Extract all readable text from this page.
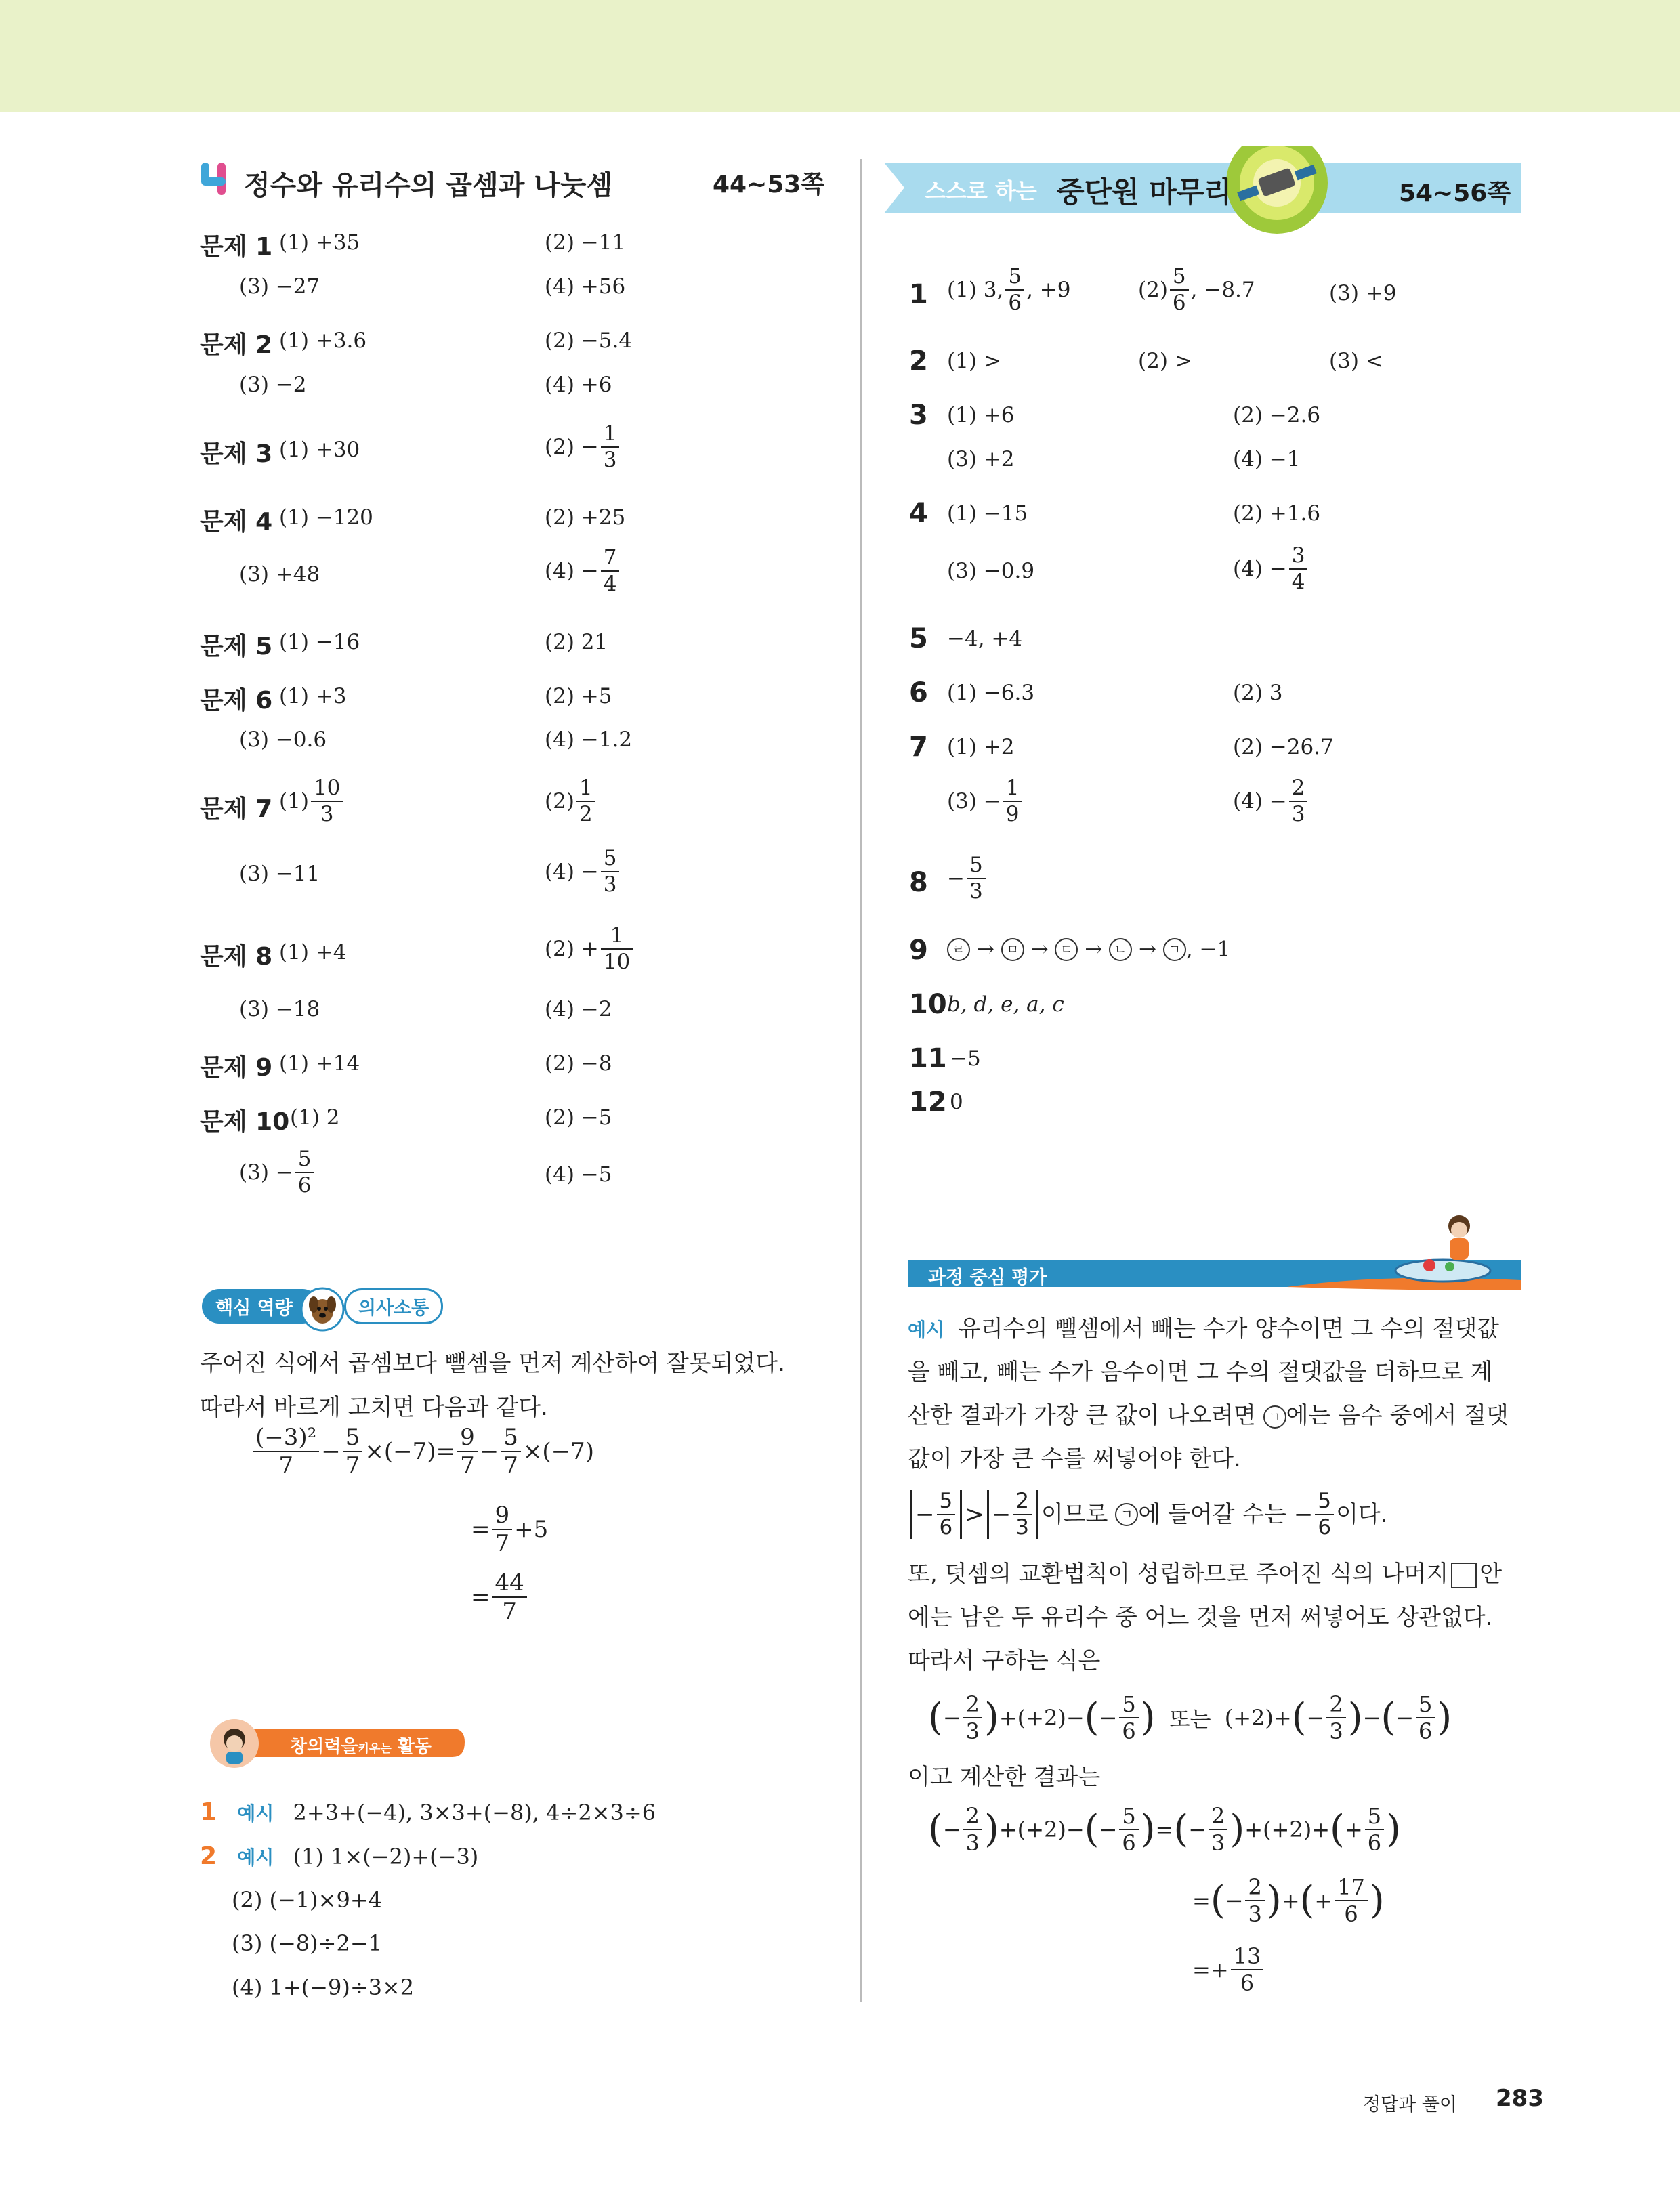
정수와 유리수의 곱셈과 나눗셈	44~53쪽
문제 1 (1) +35	(2) −11
(3) −27	(4) +56
문제 2 (1) +3.6	(2) −5.4
(3) −2	(4) +6
문제 3 (1) +30	$(2) - \frac{1}{3}$
문제 4 (1) −120	(2) +25
(3) +48	$(4) - \frac{7}{4}$
문제 5 (1) −16	(2) 21
문제 6 (1) +3	(2) +5
(3) −0.6	(4) −1.2
문제 7 $(1) \frac{10}{3}$	$(2) \frac{1}{2}$
(3) −11	$(4) - \frac{5}{3}$
문제 8 (1) +4	$(2) + \frac{1}{10}$
(3) −18	(4) −2
문제 9 (1) +14	(2) −8
문제 10 (1) 2	(2) −5
$(3) - \frac{5}{6}$	(4) −5
핵심 역량	의사소통
주어진 식에서 곱셈보다 뺄셈을 먼저 계산하여 잘못되었다.
따라서 바르게 고치면 다음과 같다.
$\frac{\text{(−3)²}}{7} - \frac{5}{7} \times(-7)= \frac{9}{7} - \frac{5}{7} \times(-7)$
= $\frac{9}{7} +5$
= $\frac{44}{7}$
창의력을키우는 활동
1 예시 2+3+(−4), 3×3+(−8), 4÷2×3÷6
2 예시 (1) 1×(−2)+(−3)
(2) (−1)×9+4
(3) (−8)÷2−1
(4) 1+(−9)÷3×2
스스로 하는 중단원 마무리	54~56쪽
1 (1) 3, $\frac{5}{6}$ , +9	$(2) \frac{5}{6}$ , −8.7	(3) +9
2 (1) >	(2) >	(3) <
3 (1) +6	(2) −2.6
(3) +2	(4) −1
4 (1) −15	(2) +1.6
(3) −0.9	$(4) - \frac{3}{4}$
5 −4, +4
6 (1) −6.3	(2) 3
7 (1) +2	(2) −26.7
$(3) - \frac{1}{9}$	$(4) - \frac{2}{3}$
$8 - \frac{5}{3}$
9	ㄹ → ㅁ → ㄷ → ㄴ → ㄱ , −1
10 b, d, e, a, c
11 −5
12 0
과정 중심 평가
예시 유리수의 뺄셈에서 빼는 수가 양수이면 그 수의 절댓값
을 빼고, 빼는 수가 음수이면 그 수의 절댓값을 더하므로 계
산한 결과가 가장 큰 값이 나오려면 ㄱ 에는 음수 중에서 절댓
값이 가장 큰 수를 써넣어야 한다.
− $\frac{5}{6}$ > − $\frac{2}{3}$ 이므로 ㄱ 에 들어갈 수는 − $\frac{5}{6}$ 이다.
또, 덧셈의 교환법칙이 성립하므로 주어진 식의 나머지 안
에는 남은 두 유리수 중 어느 것을 먼저 써넣어도 상관없다.
따라서 구하는 식은
(− $\frac{2}{3} )+(+2)-(- \frac{5}{6}$ ) 또는 $(+2)+(- \frac{2}{3}$ )−(− $\frac{5}{6}$ )
이고 계산한 결과는
(− $\frac{2}{3} )+(+2)-(- \frac{5}{6}$ )=(− $\frac{2}{3} )+(+2)+(+ \frac{5}{6}$ )
=(− $\frac{2}{3}$ )+(+ $\frac{17}{6}$ )
=+ $\frac{13}{6}$
정답과 풀이 283
